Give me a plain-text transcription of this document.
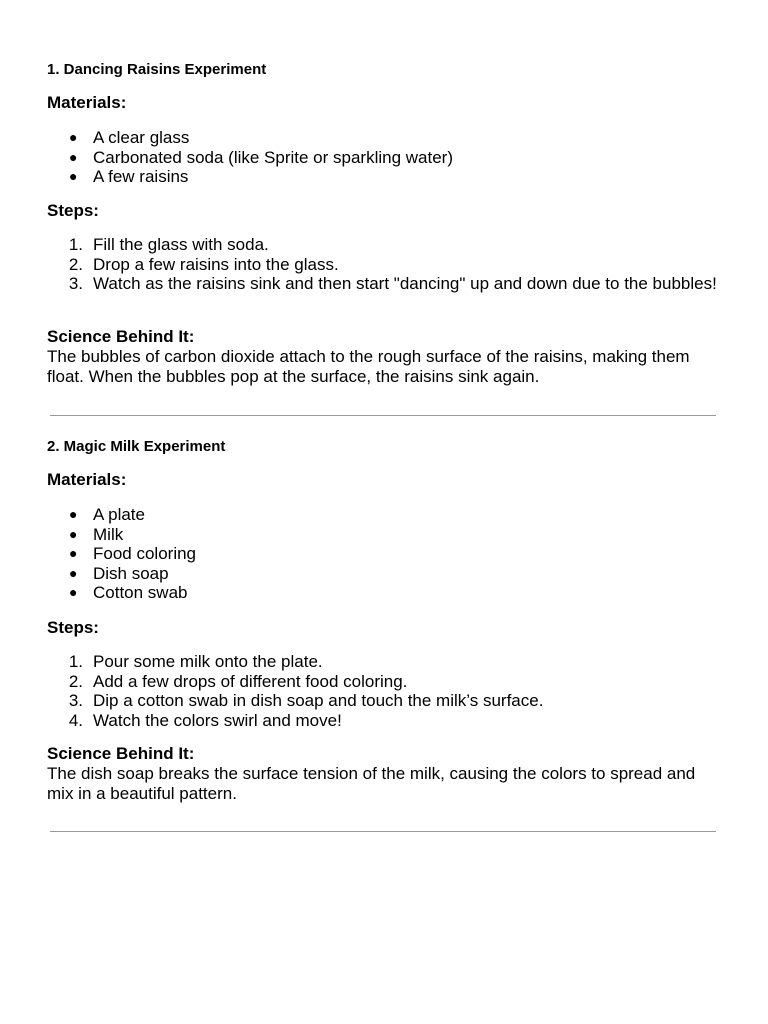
1. Dancing Raisins Experiment
Materials:
● A clear glass
● Carbonated soda (like Sprite or sparkling water)
● A few raisins
Steps:
1. Fill the glass with soda.
2. Drop a few raisins into the glass.
3. Watch as the raisins sink and then start "dancing" up and down due to the bubbles!
Science Behind It:

The bubbles of carbon dioxide attach to the rough surface of the raisins, making them float. When the bubbles pop at the surface, the raisins sink again.

2. Magic Milk Experiment
Materials:
● A plate
● Milk
● Food coloring
● Dish soap
● Cotton swab
Steps:
1. Pour some milk onto the plate.
2. Add a few drops of different food coloring.
3. Dip a cotton swab in dish soap and touch the milk’s surface.
4. Watch the colors swirl and move!
Science Behind It:

The dish soap breaks the surface tension of the milk, causing the colors to spread and mix in a beautiful pattern.
